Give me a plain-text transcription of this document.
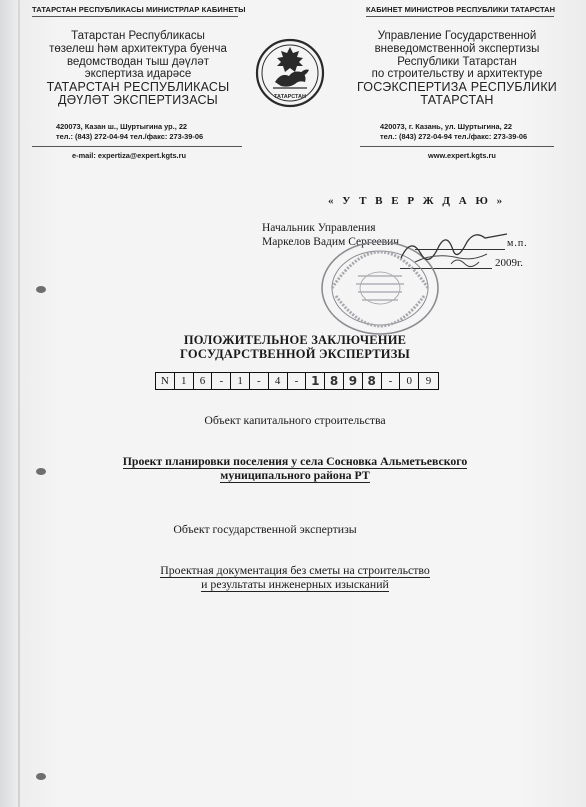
ТАТАРСТАН РЕСПУБЛИКАСЫ МИНИСТРЛАР КАБИНЕТЫ	КАБИНЕТ МИНИСТРОВ РЕСПУБЛИКИ ТАТАРСТАН
Татарстан Республикасы
төзелеш һәм архитектура буенча
ведомстводан тыш дәүләт
экспертиза идарәсе
ТАТАРСТАН РЕСПУБЛИКАСЫ
ДӘҮЛӘТ ЭКСПЕРТИЗАСЫ
Управление Государственной
вневедомственной экспертизы
Республики Татарстан
по строительству и архитектуре
ГОСЭКСПЕРТИЗА РЕСПУБЛИКИ
ТАТАРСТАН
ТАТАРСТАН
420073, Казан ш., Шуртыгина ур., 22
тел.: (843) 272-04-94 тел./факс: 273-39-06
420073, г. Казань, ул. Шуртыгина, 22
тел.: (843) 272-04-94 тел./факс: 273-39-06
e-mail: expertiza@expert.kgts.ru	www.expert.kgts.ru
« У Т В Е Р Ж Д А Ю »
Начальник Управления
Маркелов Вадим Сергеевич	м.п.
2009г.
ПОЛОЖИТЕЛЬНОЕ ЗАКЛЮЧЕНИЕ
ГОСУДАРСТВЕННОЙ ЭКСПЕРТИЗЫ
N	1	6	-	1	-	4	-	1 8 9 8	-	0	9
Объект капитального строительства
Проект планировки поселения у села Сосновка Альметьевского
муниципального района РТ
Объект государственной экспертизы
Проектная документация без сметы на строительство
и результаты инженерных изысканий
